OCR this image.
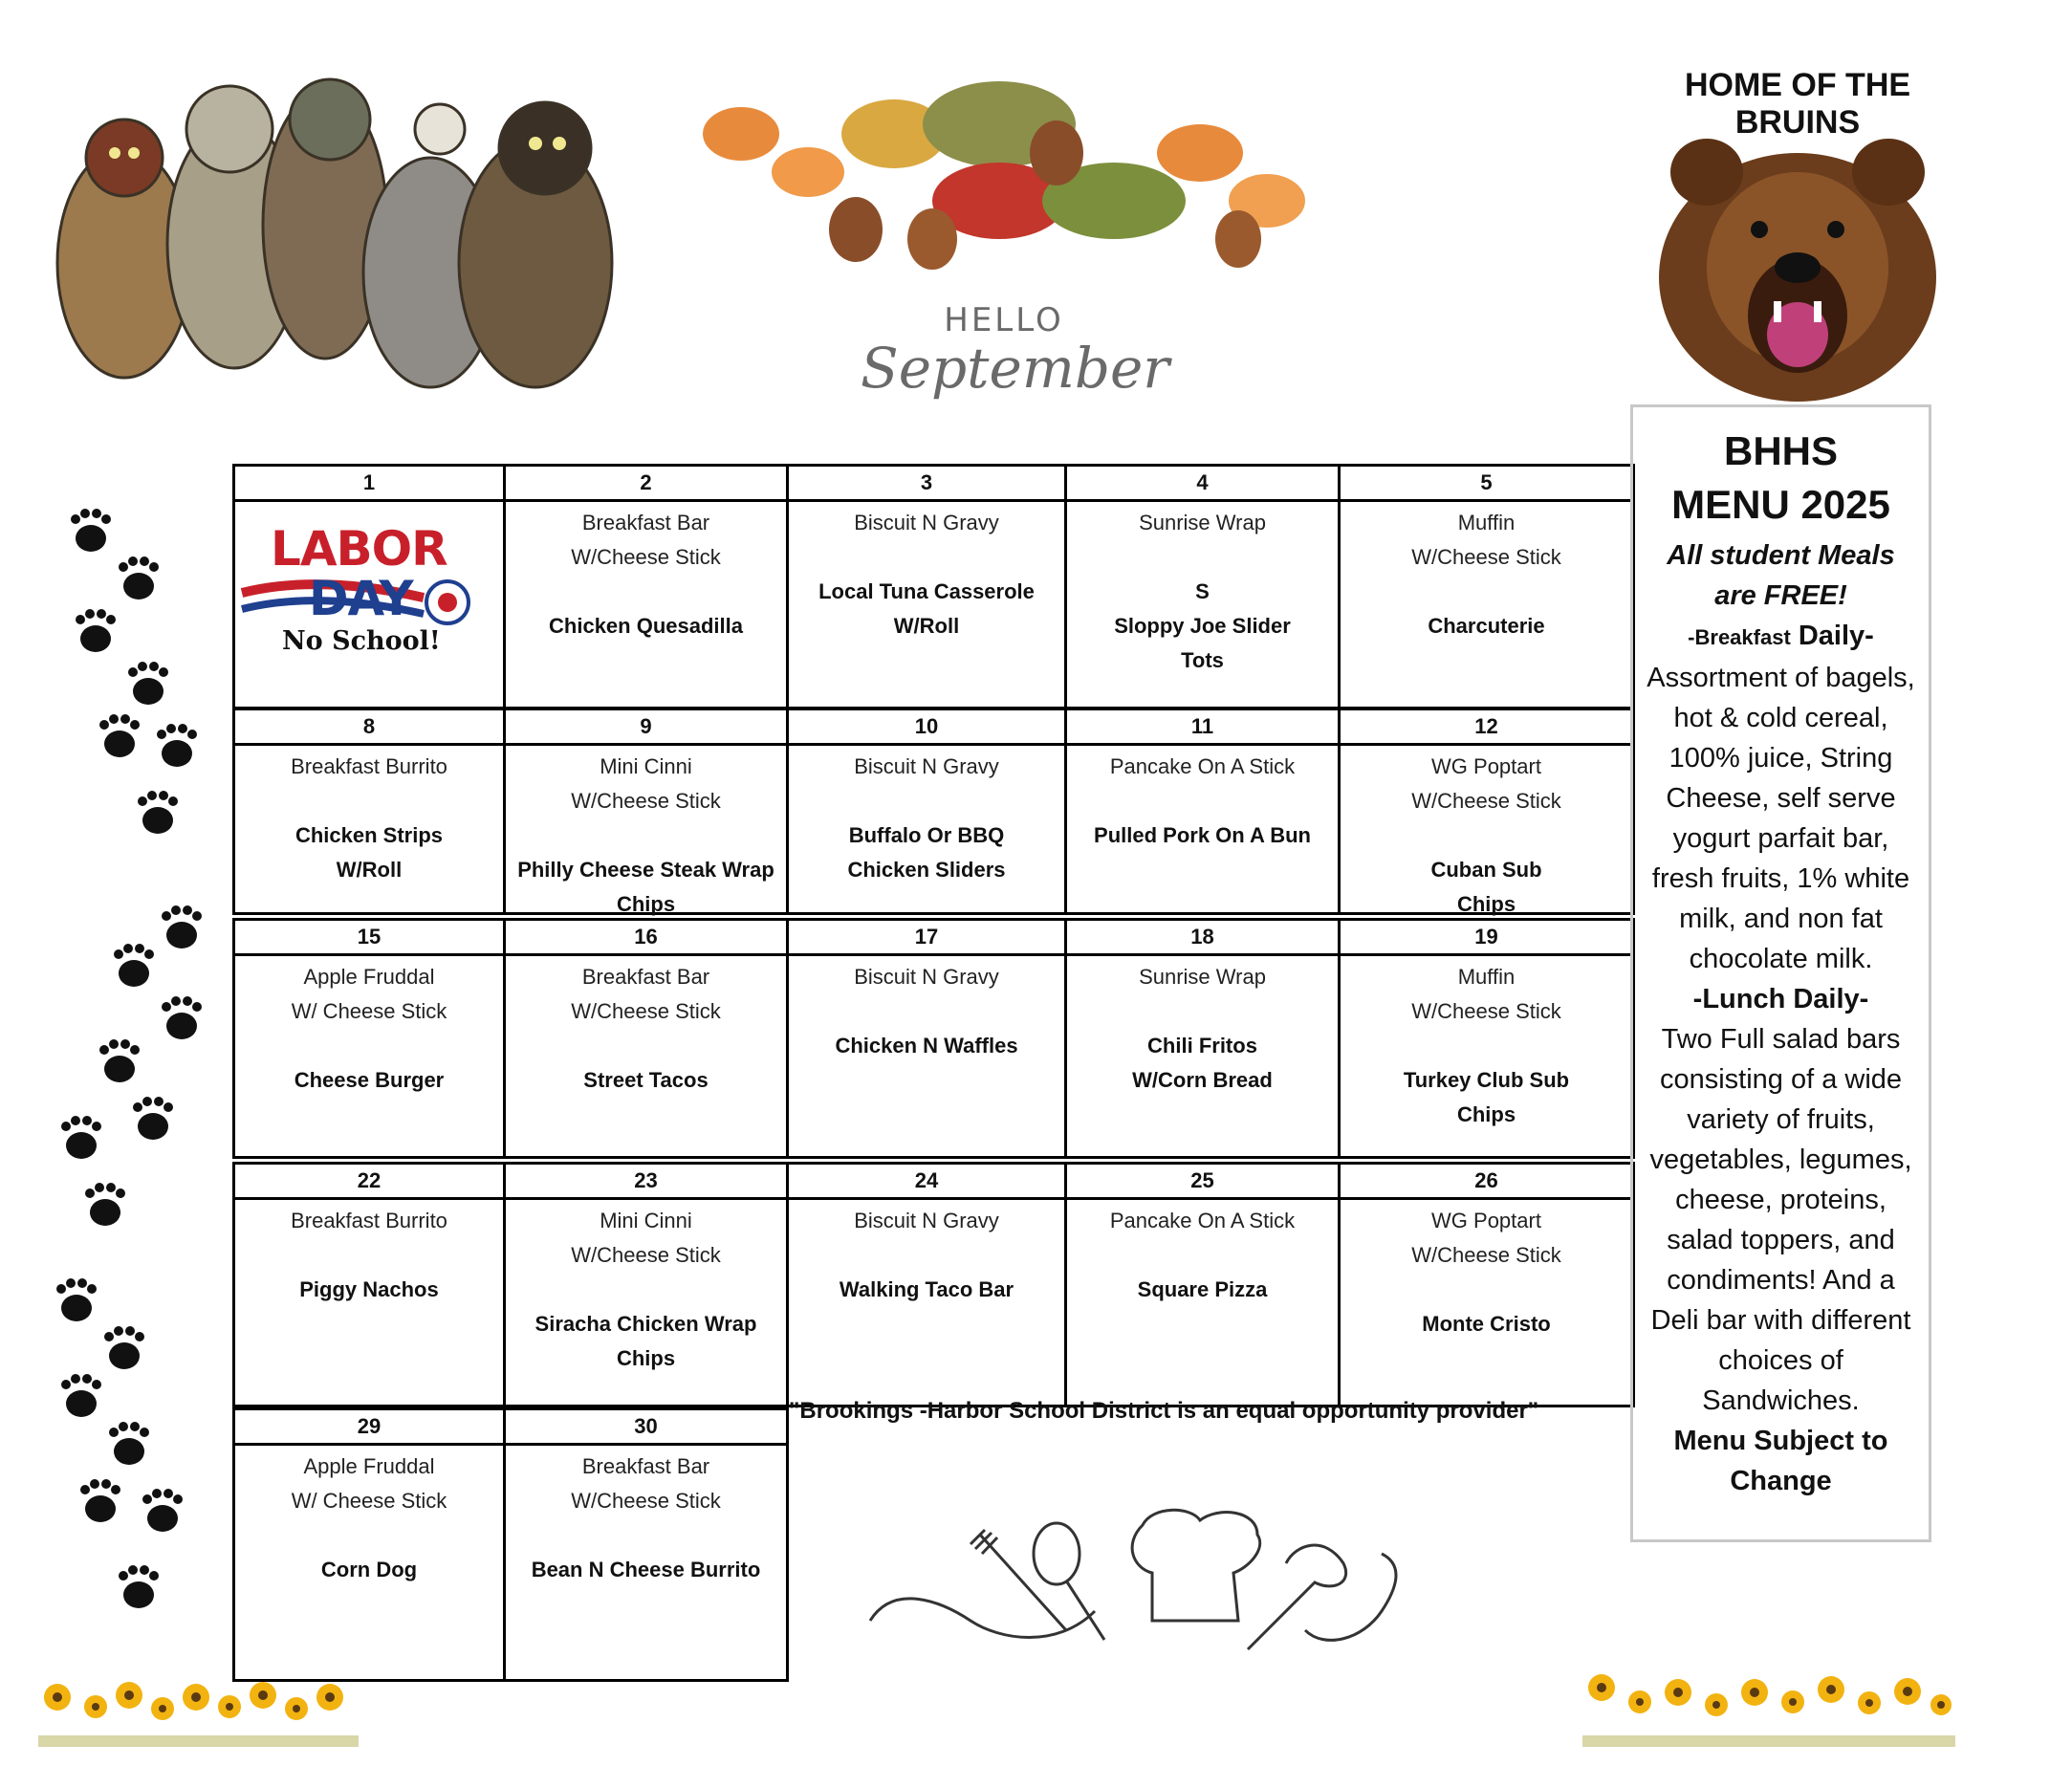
HELLO
September
HOME OF THE BRUINS
1	2
Breakfast Bar
W/Cheese Stick
Chicken Quesadilla
3
Biscuit N Gravy
Local Tuna Casserole
W/Roll
4
Sunrise Wrap
S
Sloppy Joe Slider
Tots
5
Muffin
W/Cheese Stick
Charcuterie
8
Breakfast Burrito
Chicken Strips
W/Roll
9
Mini Cinni
W/Cheese Stick
Philly Cheese Steak Wrap
Chips
10
Biscuit N Gravy
Buffalo Or BBQ
Chicken Sliders
11
Pancake On A Stick
Pulled Pork On A Bun
12
WG Poptart
W/Cheese Stick
Cuban Sub
Chips
15
Apple Fruddal
W/ Cheese Stick
Cheese Burger
16
Breakfast Bar
W/Cheese Stick
Street Tacos
17
Biscuit N Gravy
Chicken N Waffles
18
Sunrise Wrap
Chili Fritos
W/Corn Bread
19
Muffin
W/Cheese Stick
Turkey Club Sub
Chips
22
Breakfast Burrito
Piggy Nachos
23
Mini Cinni
W/Cheese Stick
Siracha Chicken Wrap
Chips
24
Biscuit N Gravy
Walking Taco Bar
25
Pancake On A Stick
Square Pizza
26
WG Poptart
W/Cheese Stick
Monte Cristo
29
Apple Fruddal
W/ Cheese Stick
Corn Dog
30
Breakfast Bar
W/Cheese Stick
Bean N Cheese Burrito
"Brookings -Harbor School District is an equal opportunity provider"
BHHS
MENU 2025
All student Meals are FREE!
-Breakfast Daily-
Assortment of bagels, hot & cold cereal, 100% juice, String Cheese, self serve yogurt parfait bar, fresh fruits, 1% white milk, and non fat chocolate milk.
-Lunch Daily-
Two Full salad bars consisting of a wide variety of fruits, vegetables, legumes, cheese, proteins, salad toppers, and condiments! And a Deli bar with different choices of Sandwiches.
Menu Subject to Change
LABOR
DAY
No School!
